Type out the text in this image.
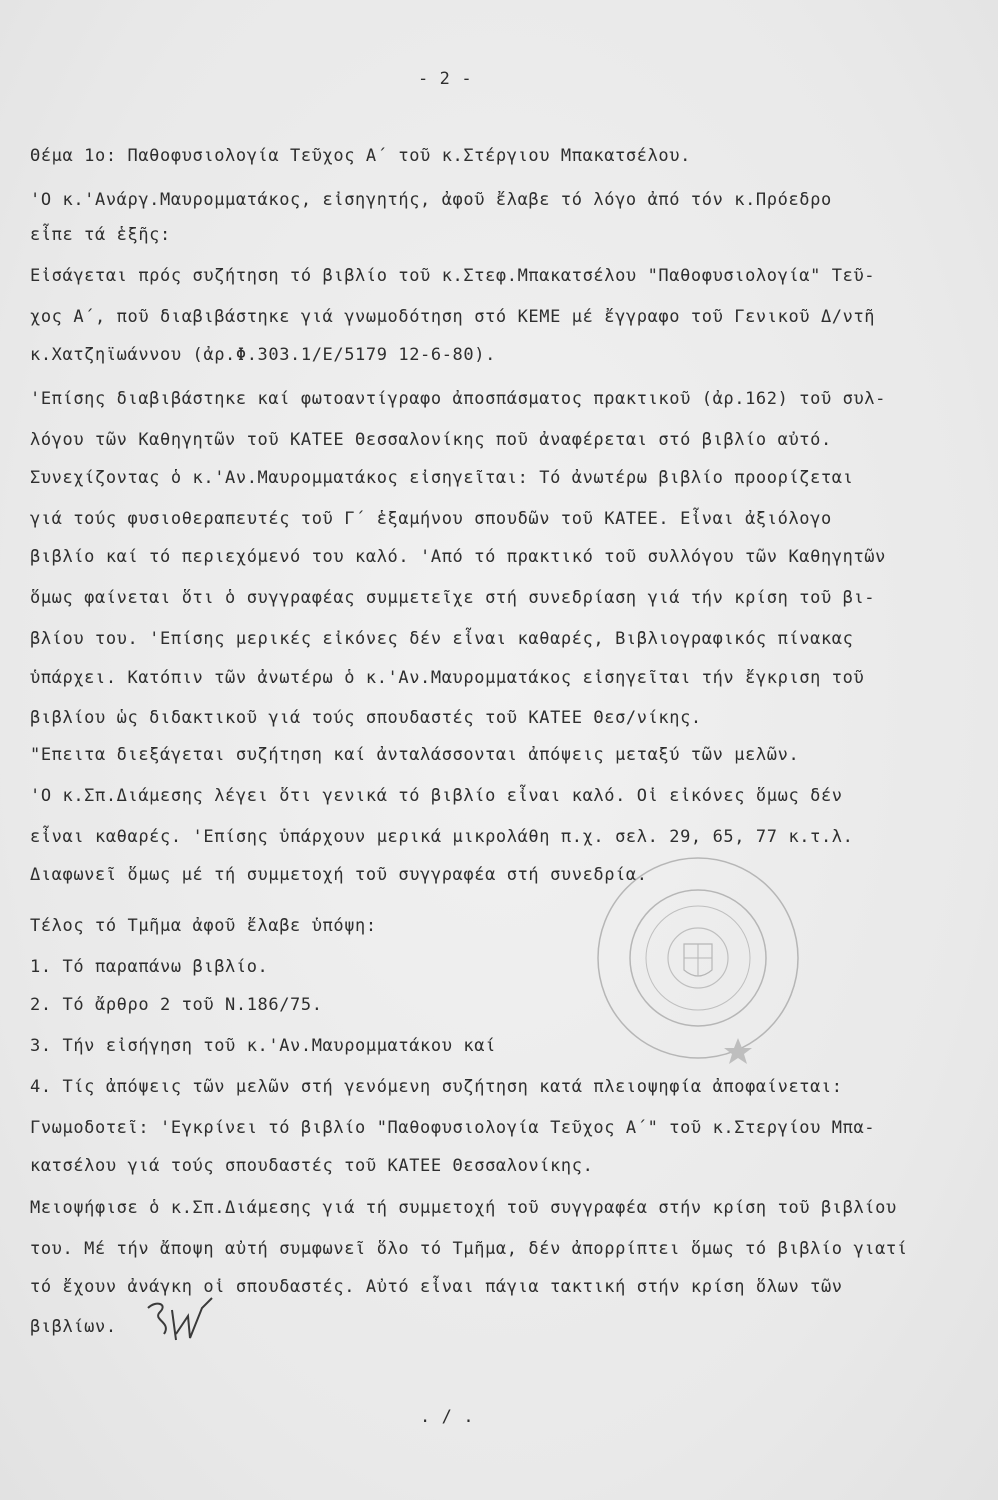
- 2 -
Θέμα 1ο: Παθοφυσιολογία Τεῦχος Α΄ τοῦ κ.Στέργιου Μπακατσέλου.
'Ο κ.'Ανάργ.Μαυρομματάκος, εἰσηγητής, ἀφοῦ ἔλαβε τό λόγο ἀπό τόν κ.Πρόεδρο
εἶπε τά ἑξῆς:
Εἰσάγεται πρός συζήτηση τό βιβλίο τοῦ κ.Στεφ.Μπακατσέλου "Παθοφυσιολογία" Τεῦ-
χος Α΄, ποῦ διαβιβάστηκε γιά γνωμοδότηση στό ΚΕΜΕ μέ ἔγγραφο τοῦ Γενικοῦ Δ/ντῆ
κ.Χατζηϊωάννου (ἀρ.Φ.303.1/Ε/5179 12-6-80).
'Επίσης διαβιβάστηκε καί φωτοαντίγραφο ἀποσπάσματος πρακτικοῦ (ἀρ.162) τοῦ συλ-
λόγου τῶν Καθηγητῶν τοῦ ΚΑΤΕΕ Θεσσαλονίκης ποῦ ἀναφέρεται στό βιβλίο αὐτό.
Συνεχίζοντας ὁ κ.'Αν.Μαυρομματάκος εἰσηγεῖται: Τό ἀνωτέρω βιβλίο προορίζεται
γιά τούς φυσιοθεραπευτές τοῦ Γ΄ ἑξαμήνου σπουδῶν τοῦ ΚΑΤΕΕ. Εἶναι ἀξιόλογο
βιβλίο καί τό περιεχόμενό του καλό. 'Από τό πρακτικό τοῦ συλλόγου τῶν Καθηγητῶν
ὅμως φαίνεται ὅτι ὁ συγγραφέας συμμετεῖχε στή συνεδρίαση γιά τήν κρίση τοῦ βι-
βλίου του. 'Επίσης μερικές εἰκόνες δέν εἶναι καθαρές, Βιβλιογραφικός πίνακας
ὑπάρχει. Κατόπιν τῶν ἀνωτέρω ὁ κ.'Αν.Μαυρομματάκος εἰσηγεῖται τήν ἔγκριση τοῦ
βιβλίου ὡς διδακτικοῦ γιά τούς σπουδαστές τοῦ ΚΑΤΕΕ Θεσ/νίκης.
"Επειτα διεξάγεται συζήτηση καί ἀνταλάσσονται ἀπόψεις μεταξύ τῶν μελῶν.
'Ο κ.Σπ.Διάμεσης λέγει ὅτι γενικά τό βιβλίο εἶναι καλό. Οἱ εἰκόνες ὅμως δέν
εἶναι καθαρές. 'Επίσης ὑπάρχουν μερικά μικρολάθη π.χ. σελ. 29, 65, 77 κ.τ.λ.
Διαφωνεῖ ὅμως μέ τή συμμετοχή τοῦ συγγραφέα στή συνεδρία.
Τέλος τό Τμῆμα ἀφοῦ ἔλαβε ὑπόψη:
1. Τό παραπάνω βιβλίο.
2. Τό ἄρθρο 2 τοῦ Ν.186/75.
3. Τήν εἰσήγηση τοῦ κ.'Αν.Μαυρομματάκου καί
4. Τίς ἀπόψεις τῶν μελῶν στή γενόμενη συζήτηση κατά πλειοψηφία ἀποφαίνεται:
Γνωμοδοτεῖ: 'Εγκρίνει τό βιβλίο "Παθοφυσιολογία Τεῦχος Α΄" τοῦ κ.Στεργίου Μπα-
κατσέλου γιά τούς σπουδαστές τοῦ ΚΑΤΕΕ Θεσσαλονίκης.
Μειοψήφισε ὁ κ.Σπ.Διάμεσης γιά τή συμμετοχή τοῦ συγγραφέα στήν κρίση τοῦ βιβλίου
του. Μέ τήν ἄποψη αὐτή συμφωνεῖ ὅλο τό Τμῆμα, δέν ἀπορρίπτει ὅμως τό βιβλίο γιατί
τό ἔχουν ἀνάγκη οἱ σπουδαστές. Αὐτό εἶναι πάγια τακτική στήν κρίση ὅλων τῶν
βιβλίων.
. / .
